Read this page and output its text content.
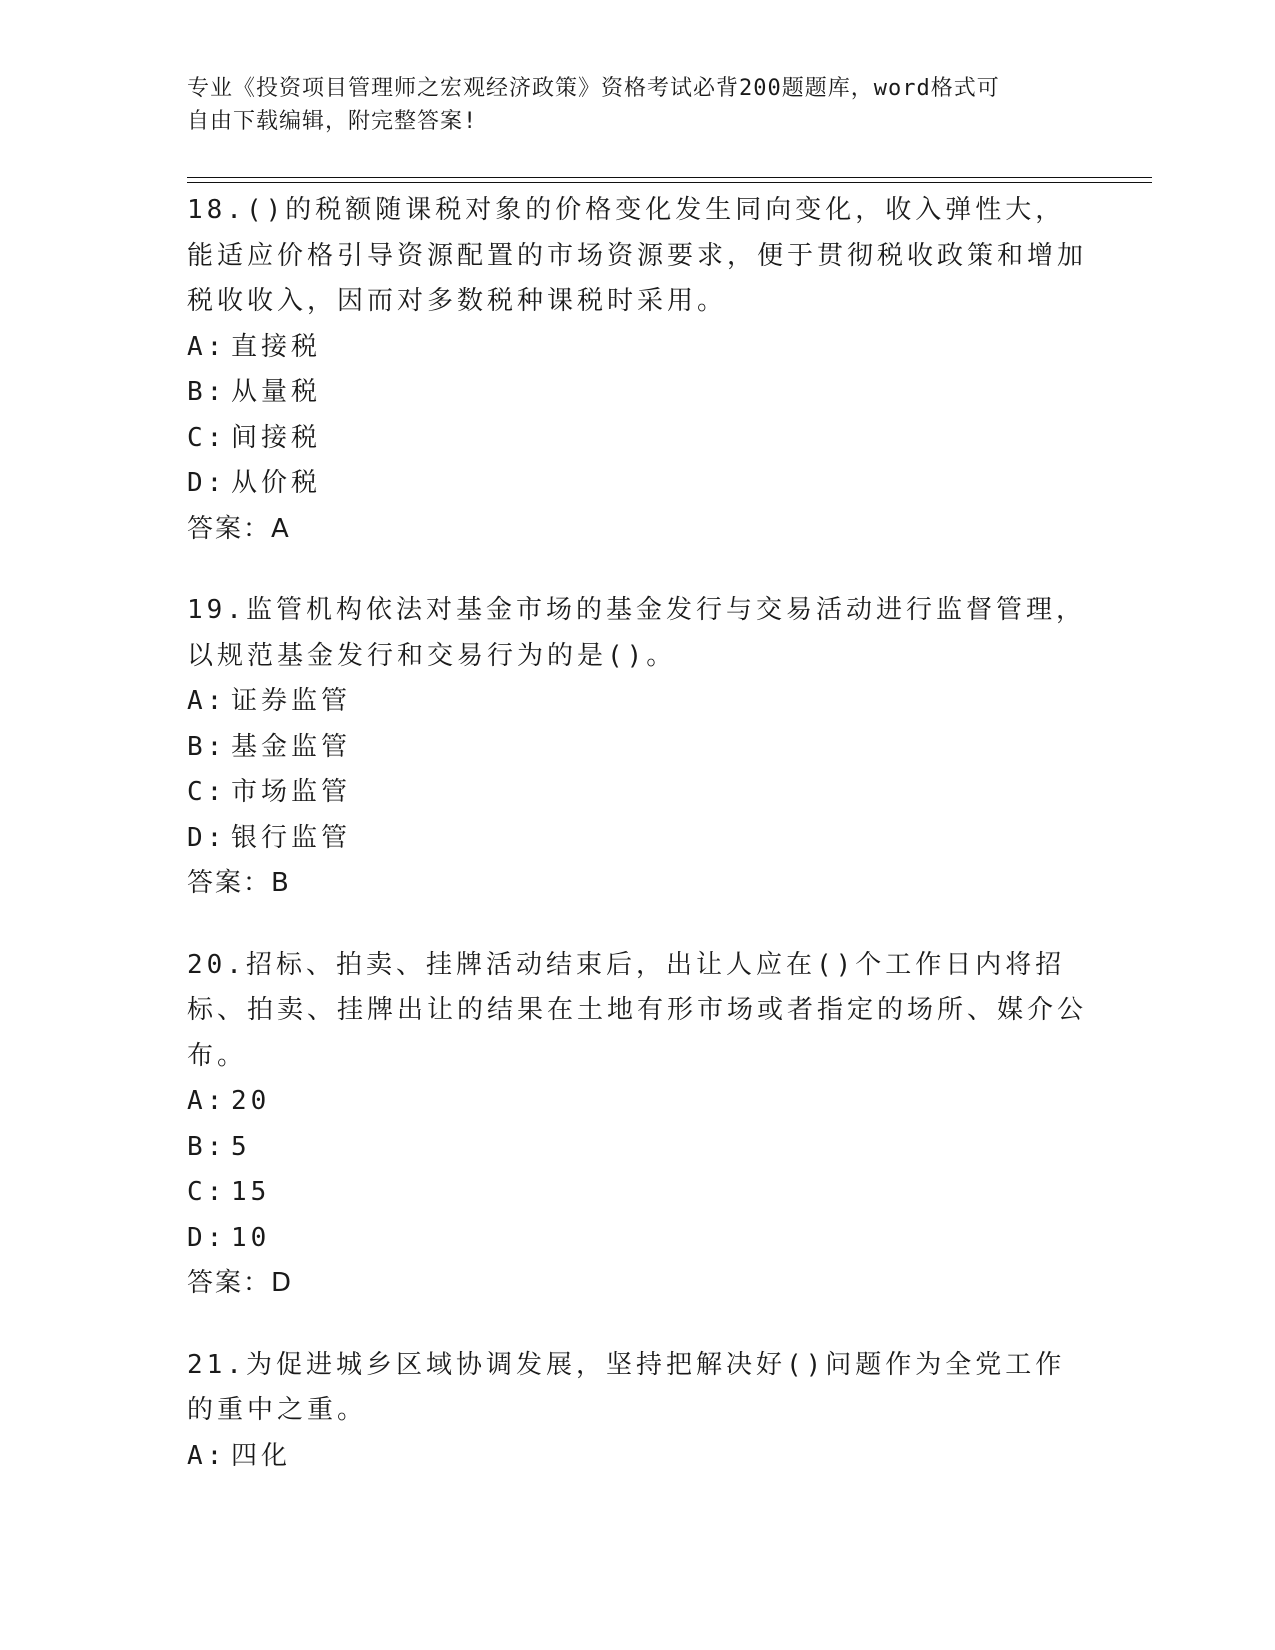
专业《投资项目管理师之宏观经济政策》资格考试必背200题题库，word格式可
自由下载编辑，附完整答案!
18.()的税额随课税对象的价格变化发生同向变化，收入弹性大，能适应价格引导资源配置的市场资源要求，便于贯彻税收政策和增加税收收入，因而对多数税种课税时采用。
A: 直接税
B: 从量税
C: 间接税
D: 从价税
答案：A
19.监管机构依法对基金市场的基金发行与交易活动进行监督管理，以规范基金发行和交易行为的是()。
A: 证券监管
B: 基金监管
C: 市场监管
D: 银行监管
答案：B
20.招标、拍卖、挂牌活动结束后，出让人应在()个工作日内将招标、拍卖、挂牌出让的结果在土地有形市场或者指定的场所、媒介公布。
A: 20
B: 5
C: 15
D: 10
答案：D
21.为促进城乡区域协调发展，坚持把解决好()问题作为全党工作的重中之重。
A: 四化
